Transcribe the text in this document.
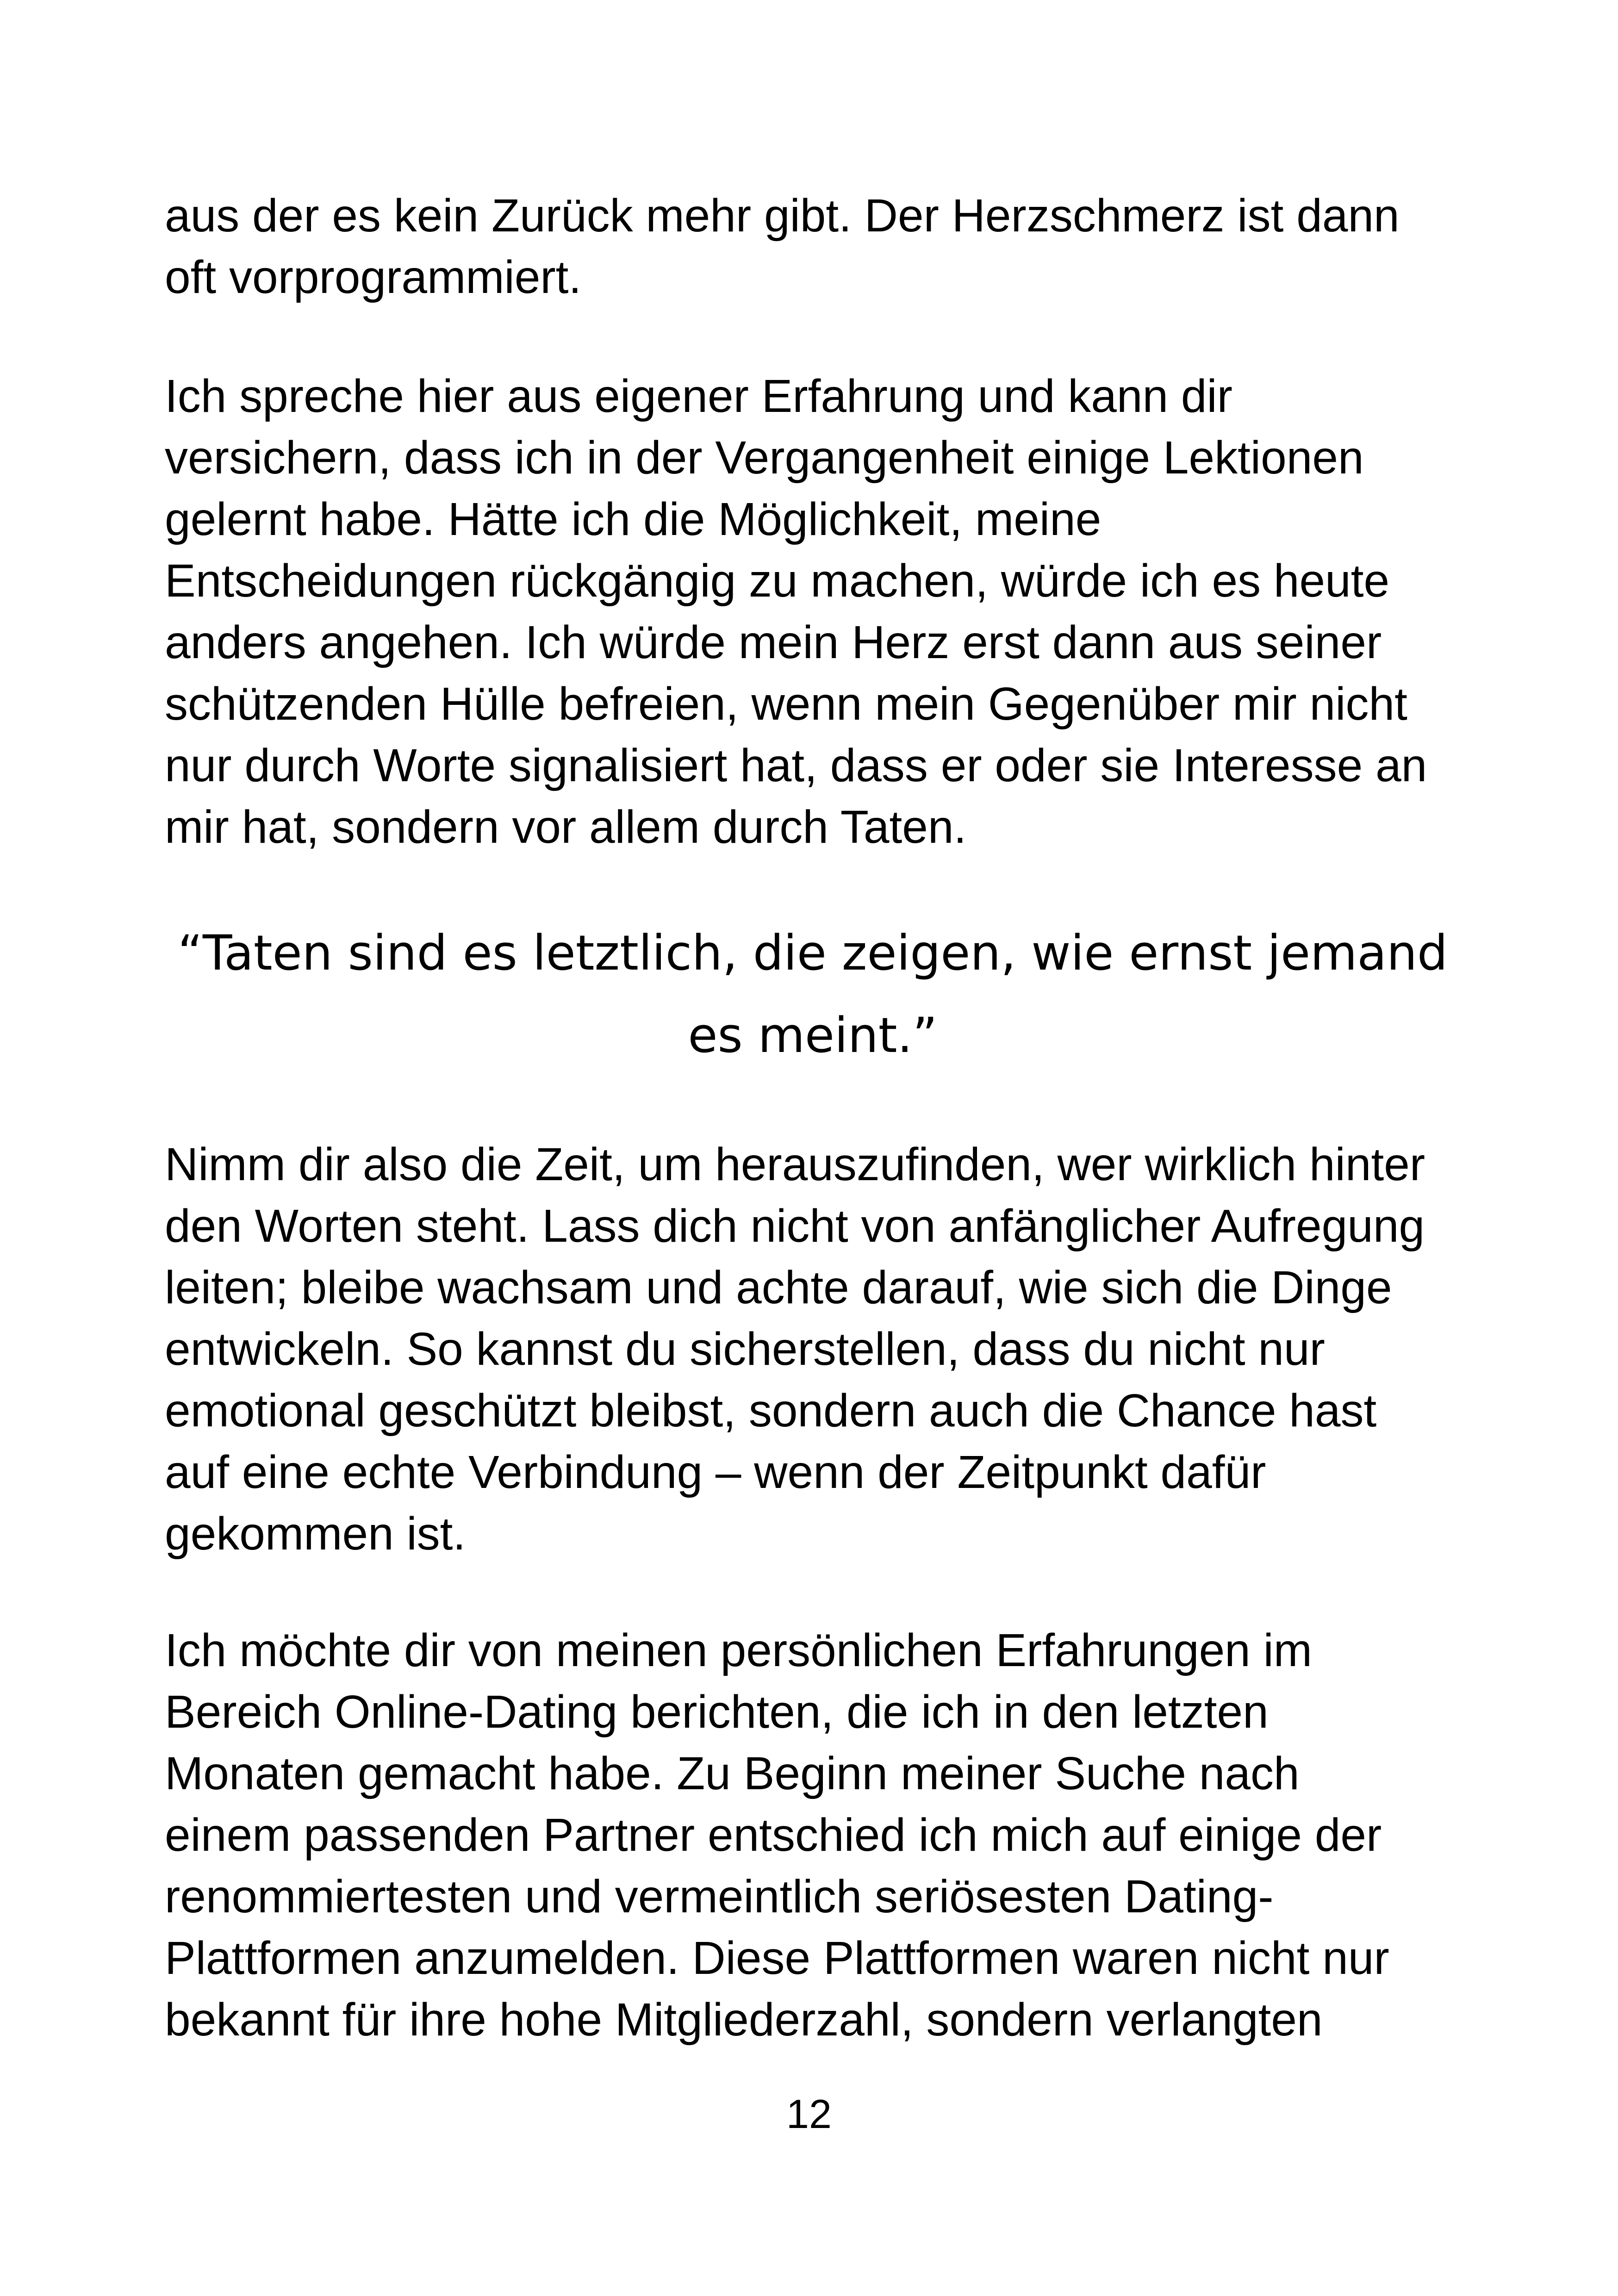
aus der es kein Zurück mehr gibt. Der Herzschmerz ist dann
oft vorprogrammiert.
Ich spreche hier aus eigener Erfahrung und kann dir
versichern, dass ich in der Vergangenheit einige Lektionen
gelernt habe. Hätte ich die Möglichkeit, meine
Entscheidungen rückgängig zu machen, würde ich es heute
anders angehen. Ich würde mein Herz erst dann aus seiner
schützenden Hülle befreien, wenn mein Gegenüber mir nicht
nur durch Worte signalisiert hat, dass er oder sie Interesse an
mir hat, sondern vor allem durch Taten.
“Taten sind es letztlich, die zeigen, wie ernst jemand
es meint.”
Nimm dir also die Zeit, um herauszufinden, wer wirklich hinter
den Worten steht. Lass dich nicht von anfänglicher Aufregung
leiten; bleibe wachsam und achte darauf, wie sich die Dinge
entwickeln. So kannst du sicherstellen, dass du nicht nur
emotional geschützt bleibst, sondern auch die Chance hast
auf eine echte Verbindung – wenn der Zeitpunkt dafür
gekommen ist.
Ich möchte dir von meinen persönlichen Erfahrungen im
Bereich Online-Dating berichten, die ich in den letzten
Monaten gemacht habe. Zu Beginn meiner Suche nach
einem passenden Partner entschied ich mich auf einige der
renommiertesten und vermeintlich seriösesten Dating-
Plattformen anzumelden. Diese Plattformen waren nicht nur
bekannt für ihre hohe Mitgliederzahl, sondern verlangten
12
